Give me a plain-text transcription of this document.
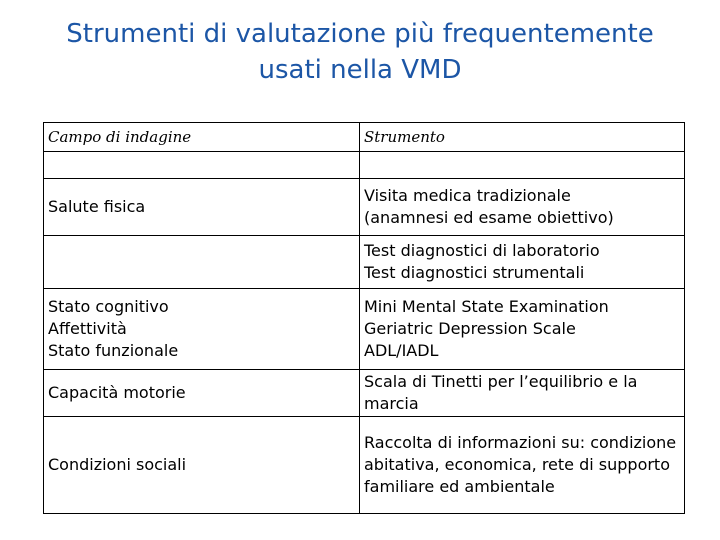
Strumenti di valutazione più frequentemente
usati nella VMD
Campo di indagine	Strumento

Salute fisica	Visita medica tradizionale
(anamnesi ed esame obiettivo)

	Test diagnostici di laboratorio
Test diagnostici strumentali

Stato cognitivo
Affettività
Stato funzionale	Mini Mental State Examination
Geriatric Depression Scale
ADL/IADL

Capacità motorie	Scala di Tinetti per l’equilibrio e la marcia

Condizioni sociali	Raccolta di informazioni su: condizione abitativa, economica, rete di supporto familiare ed ambientale
